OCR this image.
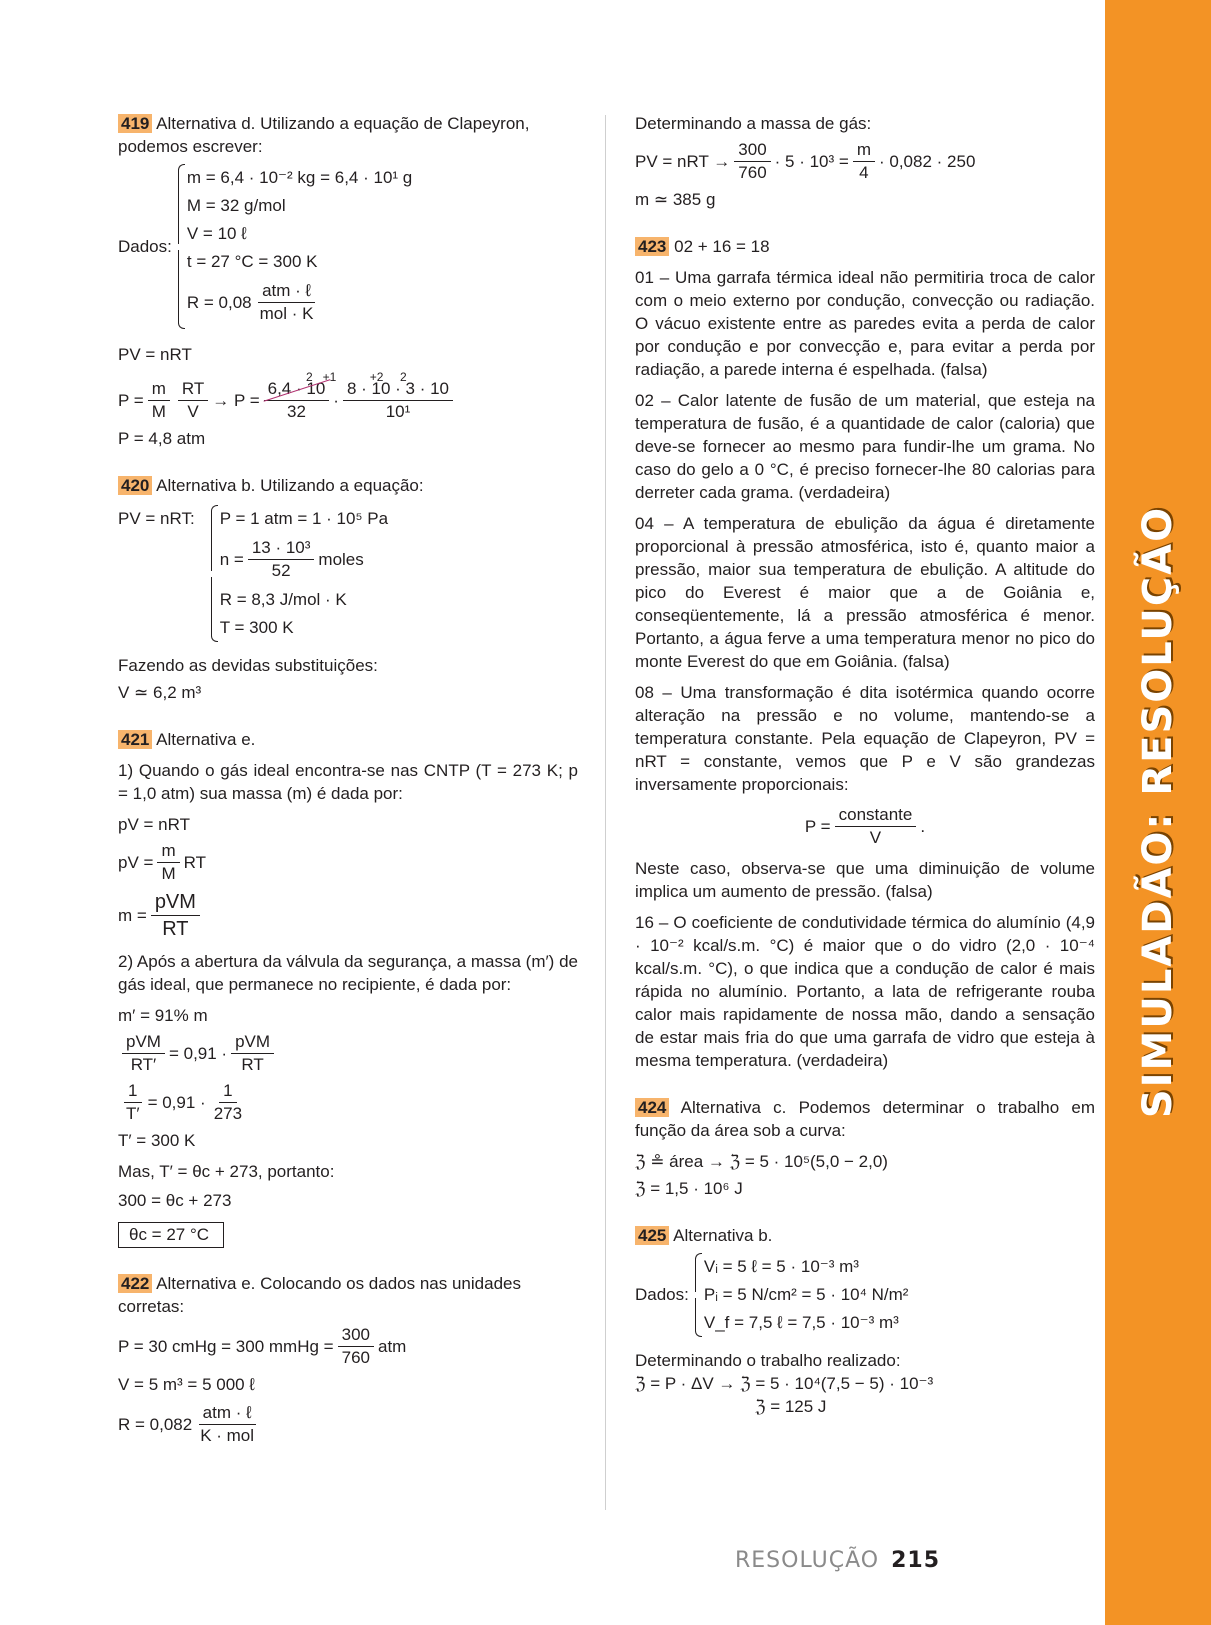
SIMULADÃO: RESOLUÇÃO
419 Alternativa d. Utilizando a equação de Clapeyron, podemos escrever:
Dados:
m = 6,4 · 10⁻² kg = 6,4 · 10¹ g
M = 32 g/mol
V = 10 ℓ
t = 27 °C = 300 K
$R = 0,08 \frac{\text{atm · ℓ}}{\text{mol · K}}$
PV = nRT
2   +1          +2     2
$P = \frac{m}{M} \frac{RT}{V} \to P = \frac{6,4 \cdot 10}{32} \cdot \frac{8 \cdot 10 \cdot 3 \cdot 10}{\text{10¹}}$
P = 4,8 atm
420 Alternativa b. Utilizando a equação:
PV = nRT: P = 1 atm = 1 · 10⁵ Pa
$n = \frac{\text{13 · 10³}}{52}$ moles
R = 8,3 J/mol · K
T = 300 K
Fazendo as devidas substituições:
V ≃ 6,2 m³
421 Alternativa e.
1) Quando o gás ideal encontra-se nas CNTP (T = 273 K; p = 1,0 atm) sua massa (m) é dada por:
pV = nRT
pV = $\frac{m}{M}$ RT
$m = \frac{\text{pVM}}{RT}$
2) Após a abertura da válvula da segurança, a massa (m′) de gás ideal, que permanece no recipiente, é dada por:
m′ = 91% m
$\frac{\text{pVM}}{RT'} = 0,91 \cdot \frac{\text{pVM}}{RT}$
$\frac{1}{T'} = 0,91 \cdot \frac{1}{273}$
T′ = 300 K
Mas, T′ = θc + 273, portanto:
300 = θc + 273
θc = 27 °C
422 Alternativa e. Colocando os dados nas unidades corretas:
P = 30 cmHg = 300 mmHg = $\frac{300}{760}$ atm
V = 5 m³ = 5 000 ℓ
$R = 0,082 \frac{\text{atm · ℓ}}{\text{K · mol}}$
Determinando a massa de gás:
PV = nRT → $\frac{300}{760} \cdot 5 \cdot 10^3 = \frac{m}{4} \cdot 0,082 \cdot 250$
m ≃ 385 g
423 02 + 16 = 18
01 – Uma garrafa térmica ideal não permitiria troca de calor com o meio externo por condução, convecção ou radiação. O vácuo existente entre as paredes evita a perda de calor por condução e por convecção e, para evitar a perda por radiação, a parede interna é espelhada. (falsa)
02 – Calor latente de fusão de um material, que esteja na temperatura de fusão, é a quantidade de calor (caloria) que deve-se fornecer ao mesmo para fundir-lhe um grama. No caso do gelo a 0 °C, é preciso fornecer-lhe 80 calorias para derreter cada grama. (verdadeira)
04 – A temperatura de ebulição da água é diretamente proporcional à pressão atmosférica, isto é, quanto maior a pressão, maior sua temperatura de ebulição. A altitude do pico do Everest é maior que a de Goiânia e, conseqüentemente, lá a pressão atmosférica é menor. Portanto, a água ferve a uma temperatura menor no pico do monte Everest do que em Goiânia. (falsa)
08 – Uma transformação é dita isotérmica quando ocorre alteração na pressão e no volume, mantendo-se a temperatura constante. Pela equação de Clapeyron, PV = nRT = constante, vemos que P e V são grandezas inversamente proporcionais:
$P = \frac{\text{constante}}{V}$ .
Neste caso, observa-se que uma diminuição de volume implica um aumento de pressão. (falsa)
16 – O coeficiente de condutividade térmica do alumínio (4,9 · 10⁻² kcal/s.m. °C) é maior que o do vidro (2,0 · 10⁻⁴ kcal/s.m. °C), o que indica que a condução de calor é mais rápida no alumínio. Portanto, a lata de refrigerante rouba calor mais rapidamente de nossa mão, dando a sensação de estar mais fria do que uma garrafa de vidro que esteja à mesma temperatura. (verdadeira)
424 Alternativa c. Podemos determinar o trabalho em função da área sob a curva:
ℨ ≗ área → ℨ = 5 · 10⁵(5,0 − 2,0)
ℨ = 1,5 · 10⁶ J
425 Alternativa b.
Dados:
Vᵢ = 5 ℓ = 5 · 10⁻³ m³
Pᵢ = 5 N/cm² = 5 · 10⁴ N/m²
V_f = 7,5 ℓ = 7,5 · 10⁻³ m³
Determinando o trabalho realizado:
ℨ = P · ΔV → ℨ = 5 · 10⁴(7,5 − 5) · 10⁻³
ℨ = 125 J
RESOLUÇÃO 215
